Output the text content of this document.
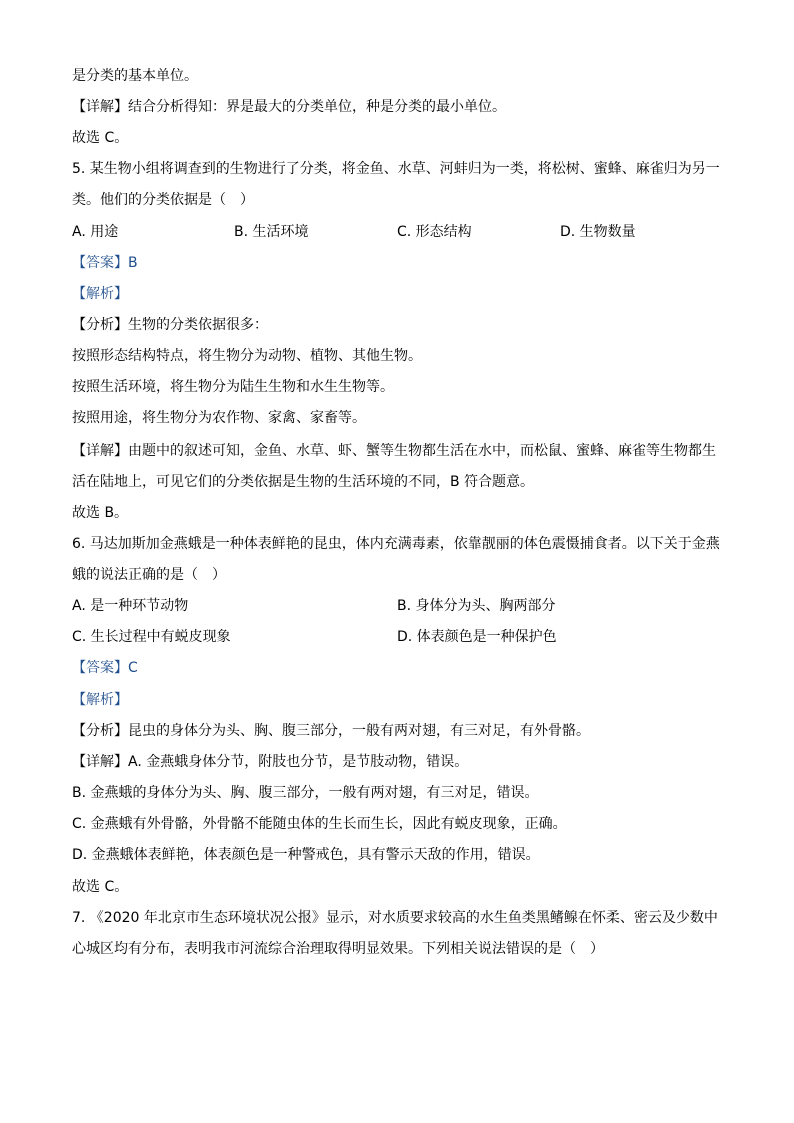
是分类的基本单位。
【详解】结合分析得知：界是最大的分类单位，种是分类的最小单位。
故选 C。
5. 某生物小组将调查到的生物进行了分类，将金鱼、水草、河蚌归为一类，将松树、蜜蜂、麻雀归为另一
类。他们的分类依据是（　）
A. 用途	B. 生活环境	C. 形态结构	D. 生物数量
【答案】B
【解析】
【分析】生物的分类依据很多：
按照形态结构特点，将生物分为动物、植物、其他生物。
按照生活环境，将生物分为陆生生物和水生生物等。
按照用途，将生物分为农作物、家禽、家畜等。
【详解】由题中的叙述可知，金鱼、水草、虾、蟹等生物都生活在水中，而松鼠、蜜蜂、麻雀等生物都生
活在陆地上，可见它们的分类依据是生物的生活环境的不同，B 符合题意。
故选 B。
6. 马达加斯加金燕蛾是一种体表鲜艳的昆虫，体内充满毒素，依靠靓丽的体色震慑捕食者。以下关于金燕
蛾的说法正确的是（　）
A. 是一种环节动物	B. 身体分为头、胸两部分
C. 生长过程中有蜕皮现象	D. 体表颜色是一种保护色
【答案】C
【解析】
【分析】昆虫的身体分为头、胸、腹三部分，一般有两对翅，有三对足，有外骨骼。
【详解】A. 金燕蛾身体分节，附肢也分节，是节肢动物，错误。
B. 金燕蛾的身体分为头、胸、腹三部分，一般有两对翅，有三对足，错误。
C. 金燕蛾有外骨骼，外骨骼不能随虫体的生长而生长，因此有蜕皮现象，正确。
D. 金燕蛾体表鲜艳，体表颜色是一种警戒色，具有警示天敌的作用，错误。
故选 C。
7. 《2020 年北京市生态环境状况公报》显示，对水质要求较高的水生鱼类黑鳍鳈在怀柔、密云及少数中
心城区均有分布，表明我市河流综合治理取得明显效果。下列相关说法错误的是（　）
